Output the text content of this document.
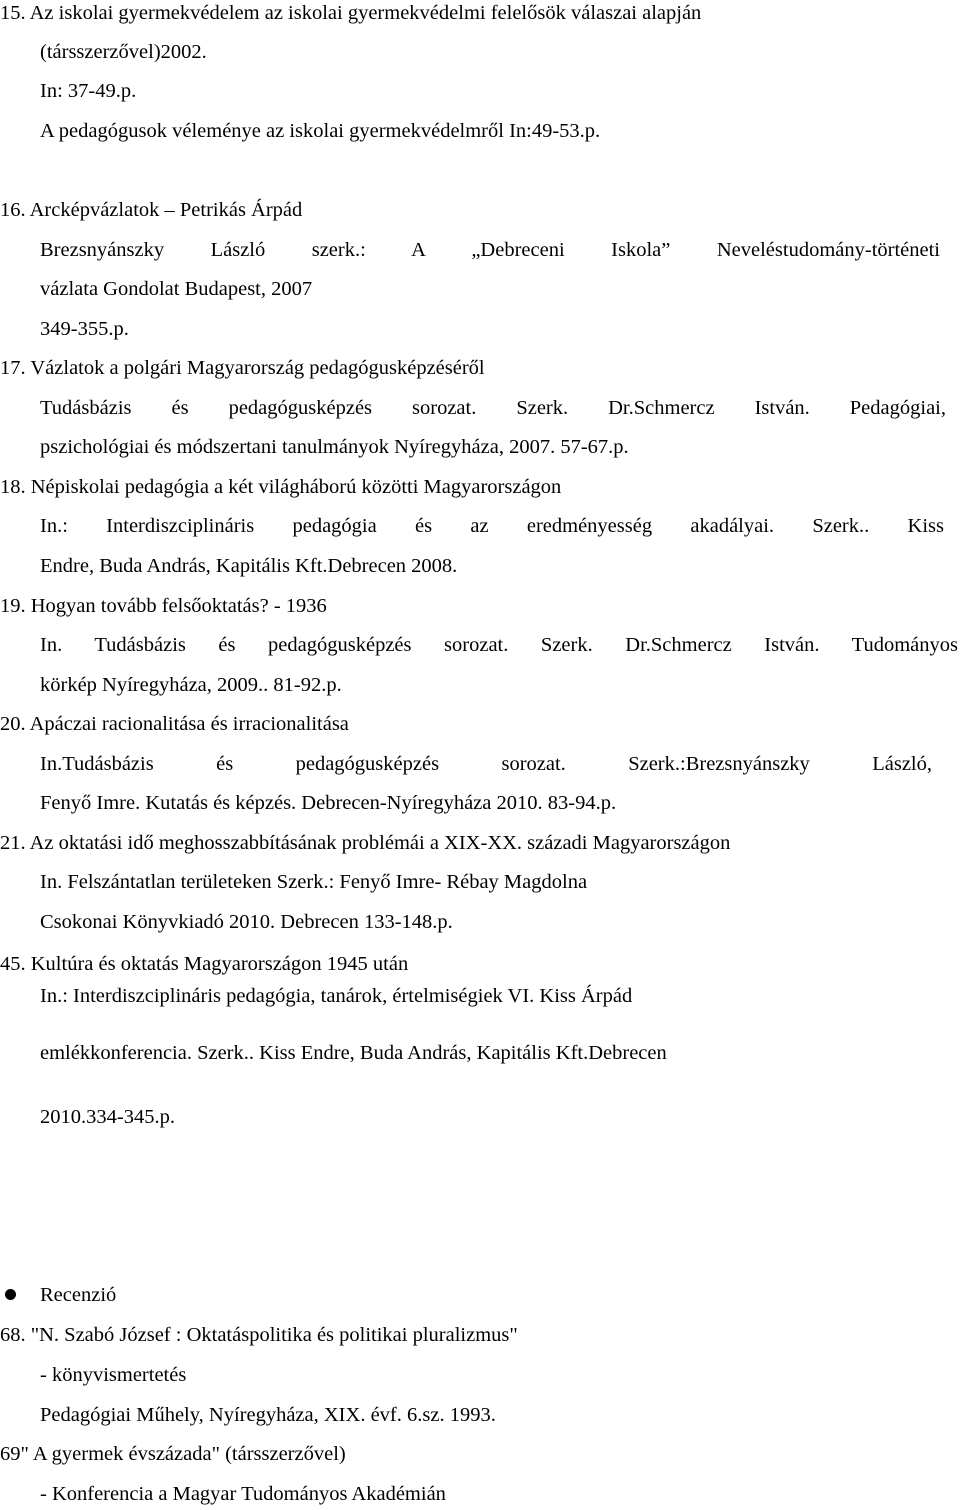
15. Az iskolai gyermekvédelem az iskolai gyermekvédelmi felelősök válaszai alapján
(társszerzővel)2002.
In: 37-49.p.
A pedagógusok véleménye az iskolai gyermekvédelmről In:49-53.p.
16. Arcképvázlatok – Petrikás Árpád
Brezsnyánszky László szerk.: A „Debreceni Iskola” Neveléstudomány-történeti
vázlata Gondolat Budapest, 2007
349-355.p.
17. Vázlatok a polgári Magyarország pedagógusképzéséről
Tudásbázis és pedagógusképzés sorozat. Szerk. Dr.Schmercz István. Pedagógiai,
pszichológiai és módszertani tanulmányok Nyíregyháza, 2007. 57-67.p.
18. Népiskolai pedagógia a két világháború közötti Magyarországon
In.: Interdiszciplináris pedagógia és az eredményesség akadályai. Szerk.. Kiss
Endre, Buda András, Kapitális Kft.Debrecen 2008.
19. Hogyan tovább felsőoktatás? - 1936
In. Tudásbázis és pedagógusképzés sorozat. Szerk. Dr.Schmercz István. Tudományos
körkép Nyíregyháza, 2009.. 81-92.p.
20. Apáczai racionalitása és irracionalitása
In.Tudásbázis és pedagógusképzés sorozat. Szerk.:Brezsnyánszky László,
Fenyő Imre. Kutatás és képzés. Debrecen-Nyíregyháza 2010. 83-94.p.
21. Az oktatási idő meghosszabbításának problémái a XIX-XX. századi Magyarországon
In. Felszántatlan területeken Szerk.: Fenyő Imre- Rébay Magdolna
Csokonai Könyvkiadó 2010. Debrecen 133-148.p.
45. Kultúra és oktatás Magyarországon 1945 után
In.: Interdiszciplináris pedagógia, tanárok, értelmiségiek VI. Kiss Árpád
emlékkonferencia. Szerk.. Kiss Endre, Buda András, Kapitális Kft.Debrecen
2010.334-345.p.
Recenzió
68. "N. Szabó József : Oktatáspolitika és politikai pluralizmus"
- könyvismertetés
Pedagógiai Műhely, Nyíregyháza, XIX. évf. 6.sz. 1993.
69" A gyermek évszázada" (társszerzővel)
- Konferencia a Magyar Tudományos Akadémián
